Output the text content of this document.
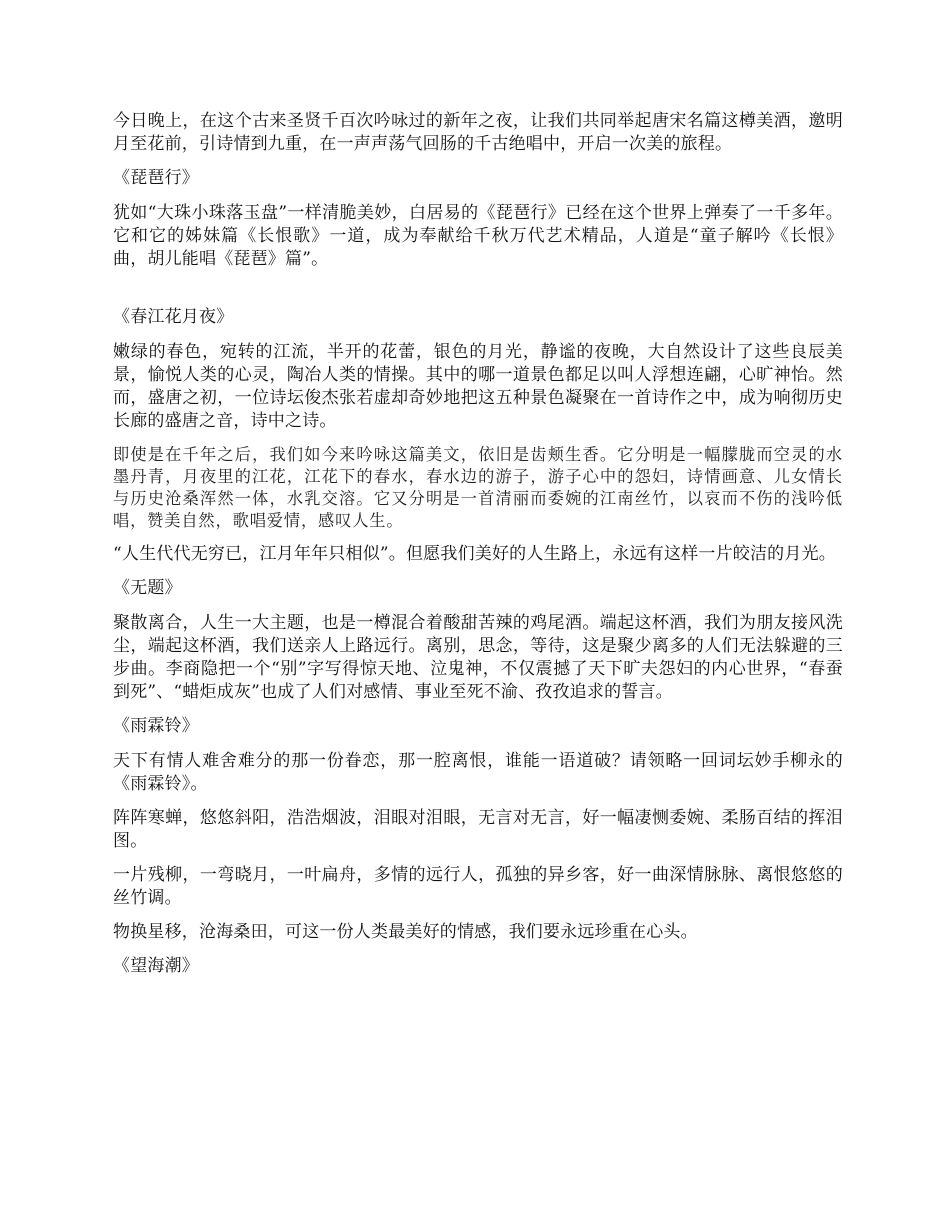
今日晚上，在这个古来圣贤千百次吟咏过的新年之夜，让我们共同举起唐宋名篇这樽美酒，邀明月至花前，引诗情到九重，在一声声荡气回肠的千古绝唱中，开启一次美的旅程。

《琵琶行》

犹如“大珠小珠落玉盘”一样清脆美妙，白居易的《琵琶行》已经在这个世界上弹奏了一千多年。它和它的姊妹篇《长恨歌》一道，成为奉献给千秋万代艺术精品，人道是“童子解吟《长恨》曲，胡儿能唱《琵琶》篇”。

《春江花月夜》

嫩绿的春色，宛转的江流，半开的花蕾，银色的月光，静谧的夜晚，大自然设计了这些良辰美景，愉悦人类的心灵，陶冶人类的情操。其中的哪一道景色都足以叫人浮想连翩，心旷神怡。然而，盛唐之初，一位诗坛俊杰张若虚却奇妙地把这五种景色凝聚在一首诗作之中，成为响彻历史长廊的盛唐之音，诗中之诗。

即使是在千年之后，我们如今来吟咏这篇美文，依旧是齿颊生香。它分明是一幅朦胧而空灵的水墨丹青，月夜里的江花，江花下的春水，春水边的游子，游子心中的怨妇，诗情画意、儿女情长与历史沧桑浑然一体，水乳交溶。它又分明是一首清丽而委婉的江南丝竹，以哀而不伤的浅吟低唱，赞美自然，歌唱爱情，感叹人生。

“人生代代无穷已，江月年年只相似”。但愿我们美好的人生路上，永远有这样一片皎洁的月光。

《无题》

聚散离合，人生一大主题，也是一樽混合着酸甜苦辣的鸡尾酒。端起这杯酒，我们为朋友接风洗尘，端起这杯酒，我们送亲人上路远行。离别，思念，等待，这是聚少离多的人们无法躲避的三步曲。李商隐把一个“别”字写得惊天地、泣鬼神，不仅震撼了天下旷夫怨妇的内心世界，“春蚕到死”、“蜡炬成灰”也成了人们对感情、事业至死不渝、孜孜追求的誓言。

《雨霖铃》

天下有情人难舍难分的那一份眷恋，那一腔离恨，谁能一语道破？请领略一回词坛妙手柳永的《雨霖铃》。

阵阵寒蝉，悠悠斜阳，浩浩烟波，泪眼对泪眼，无言对无言，好一幅凄恻委婉、柔肠百结的挥泪图。

一片残柳，一弯晓月，一叶扁舟，多情的远行人，孤独的异乡客，好一曲深情脉脉、离恨悠悠的丝竹调。

物换星移，沧海桑田，可这一份人类最美好的情感，我们要永远珍重在心头。

《望海潮》
